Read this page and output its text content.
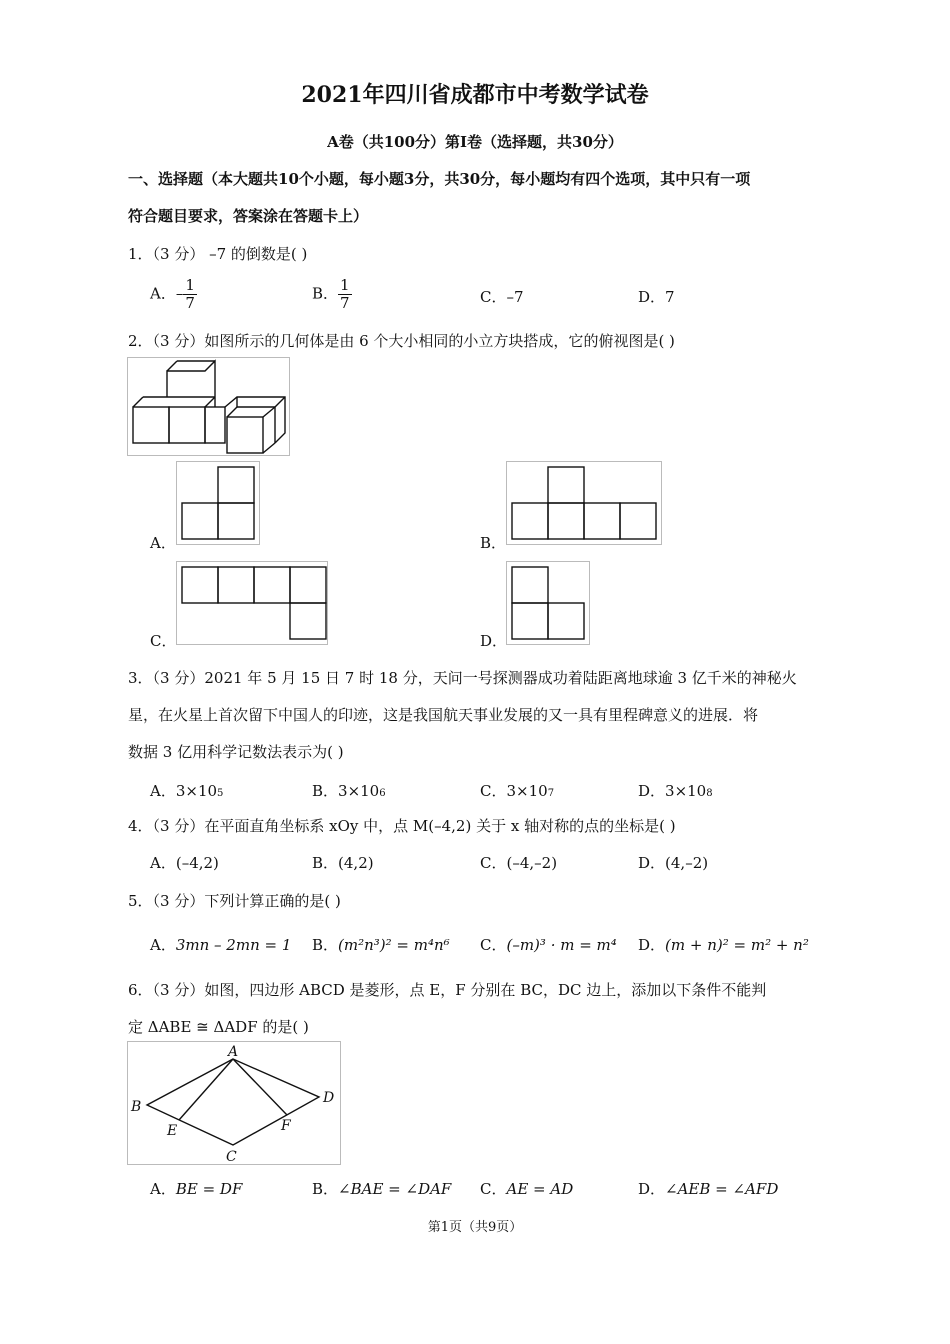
2021年四川省成都市中考数学试卷
A卷（共100分）第Ⅰ卷（选择题，共30分）
一、选择题（本大题共10个小题，每小题3分，共30分，每小题均有四个选项，其中只有一项
符合题目要求，答案涂在答题卡上）
1．（3 分） –7 的倒数是( )
A．– $\frac{1}{7}$	B． $\frac{1}{7}$	C．–7	D．7
2．（3 分）如图所示的几何体是由 6 个大小相同的小立方块搭成，它的俯视图是( )
A．	B．
C．	D．
3．（3 分）2021 年 5 月 15 日 7 时 18 分，天问一号探测器成功着陆距离地球逾 3 亿千米的神秘火
星，在火星上首次留下中国人的印迹，这是我国航天事业发展的又一具有里程碑意义的进展．将
数据 3 亿用科学记数法表示为( )
A．3×105	B．3×106	C．3×107	D．3×108
4．（3 分）在平面直角坐标系 xOy 中，点 M(–4,2) 关于 x 轴对称的点的坐标是( )
A．(–4,2)	B．(4,2)	C．(–4,–2)	D．(4,–2)
5．（3 分）下列计算正确的是( )
A．3mn – 2mn = 1 B．(m²n³)² = m⁴n⁶ C．(–m)³ · m = m⁴ D．(m + n)² = m² + n²
6．（3 分）如图，四边形 ABCD 是菱形，点 E，F 分别在 BC，DC 边上，添加以下条件不能判
定 ΔABE ≅ ΔADF 的是( )
A
B
C
D
E	F
A．BE = DF	B．∠BAE = ∠DAF C．AE = AD	D．∠AEB = ∠AFD
第1页（共9页）
